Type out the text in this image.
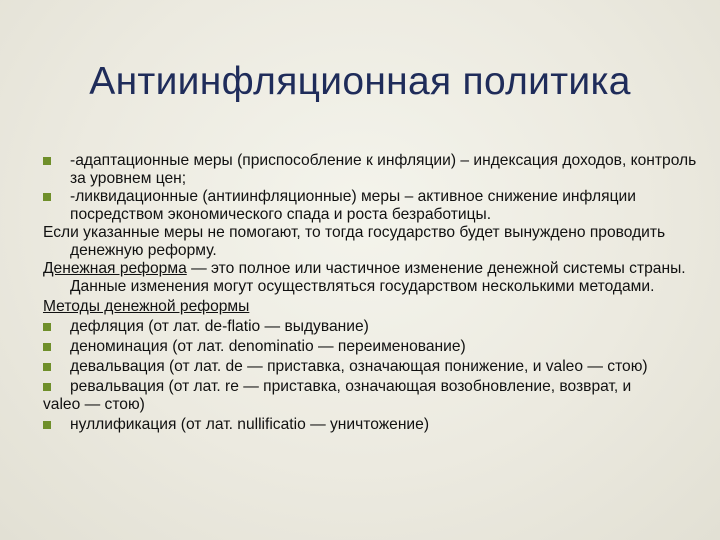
Антиинфляционная политика
-адаптационные меры (приспособление к инфляции) – индексация доходов, контроль за уровнем цен;
-ликвидационные (антиинфляционные) меры – активное снижение инфляции посредством экономического спада и роста безработицы.
Если указанные меры не помогают, то тогда государство будет вынуждено проводить денежную реформу.
Денежная реформа — это полное или частичное изменение денежной системы страны. Данные изменения могут осуществляться государством несколькими методами.
Методы денежной реформы
дефляция (от лат. de-flatio — выдувание)
деноминация (от лат. denominatio — переименование)
девальвация (от лат. de — приставка, означающая понижение, и valeo — стою)
ревальвация (от лат. re — приставка, означающая возобновление, возврат, и
valeo — стою)
нуллификация (от лат. nullificatio — уничтожение)
